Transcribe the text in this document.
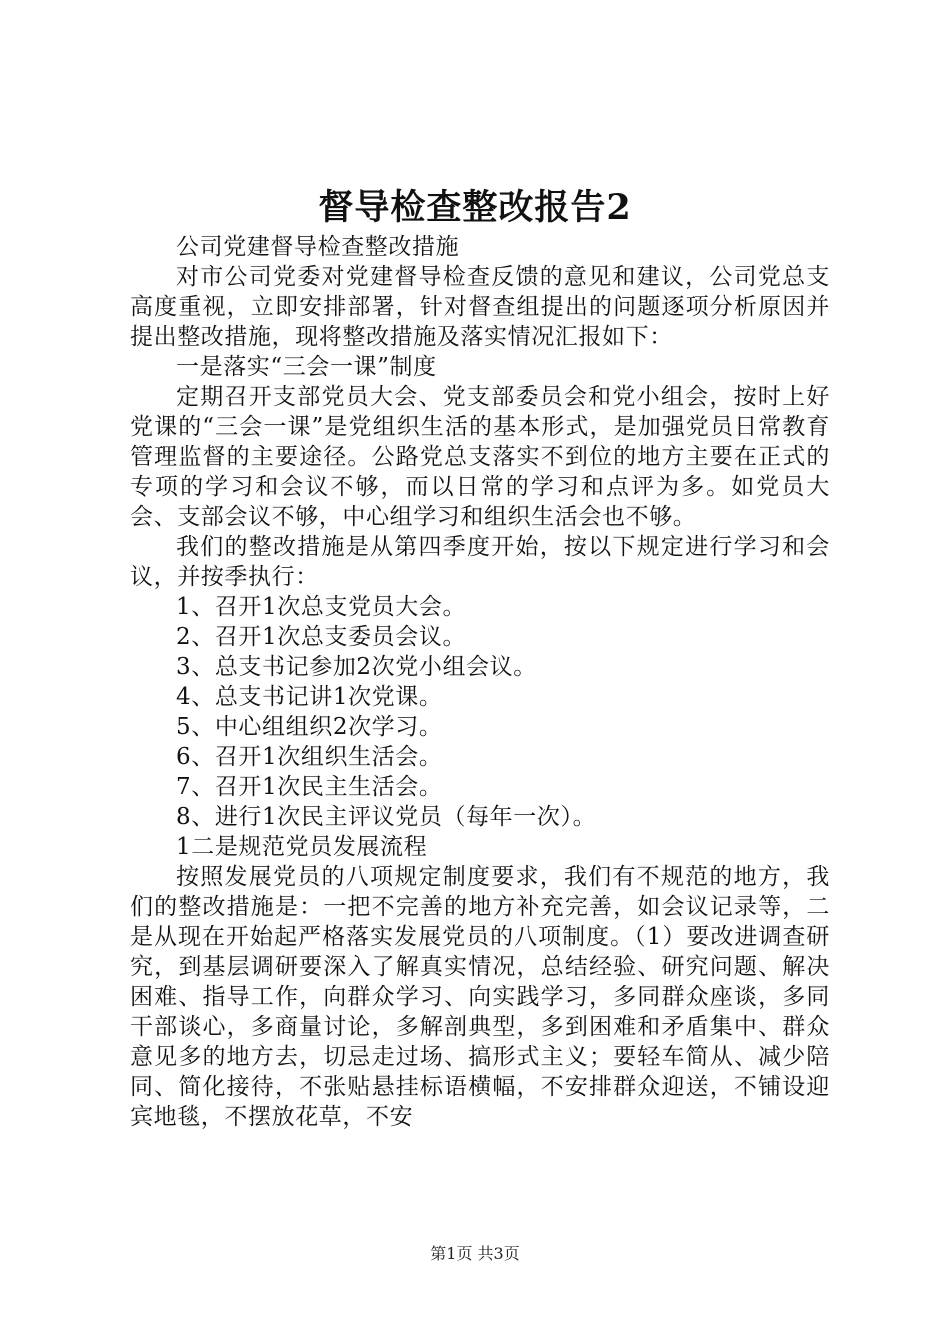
督导检查整改报告2

公司党建督导检查整改措施

对市公司党委对党建督导检查反馈的意见和建议，公司党总支高度重视，立即安排部署，针对督查组提出的问题逐项分析原因并提出整改措施，现将整改措施及落实情况汇报如下：

一是落实“三会一课”制度

定期召开支部党员大会、党支部委员会和党小组会，按时上好党课的“三会一课”是党组织生活的基本形式，是加强党员日常教育管理监督的主要途径。公路党总支落实不到位的地方主要在正式的专项的学习和会议不够，而以日常的学习和点评为多。如党员大会、支部会议不够，中心组学习和组织生活会也不够。

我们的整改措施是从第四季度开始，按以下规定进行学习和会议，并按季执行：

1、召开1次总支党员大会。

2、召开1次总支委员会议。

3、总支书记参加2次党小组会议。

4、总支书记讲1次党课。

5、中心组组织2次学习。

6、召开1次组织生活会。

7、召开1次民主生活会。

8、进行1次民主评议党员（每年一次）。

1二是规范党员发展流程

按照发展党员的八项规定制度要求，我们有不规范的地方，我们的整改措施是：一把不完善的地方补充完善，如会议记录等，二是从现在开始起严格落实发展党员的八项制度。（1）要改进调查研究，到基层调研要深入了解真实情况，总结经验、研究问题、解决困难、指导工作，向群众学习、向实践学习，多同群众座谈，多同干部谈心，多商量讨论，多解剖典型，多到困难和矛盾集中、群众意见多的地方去，切忌走过场、搞形式主义；要轻车简从、减少陪同、简化接待，不张贴悬挂标语横幅，不安排群众迎送，不铺设迎宾地毯，不摆放花草，不安

第1页 共3页
